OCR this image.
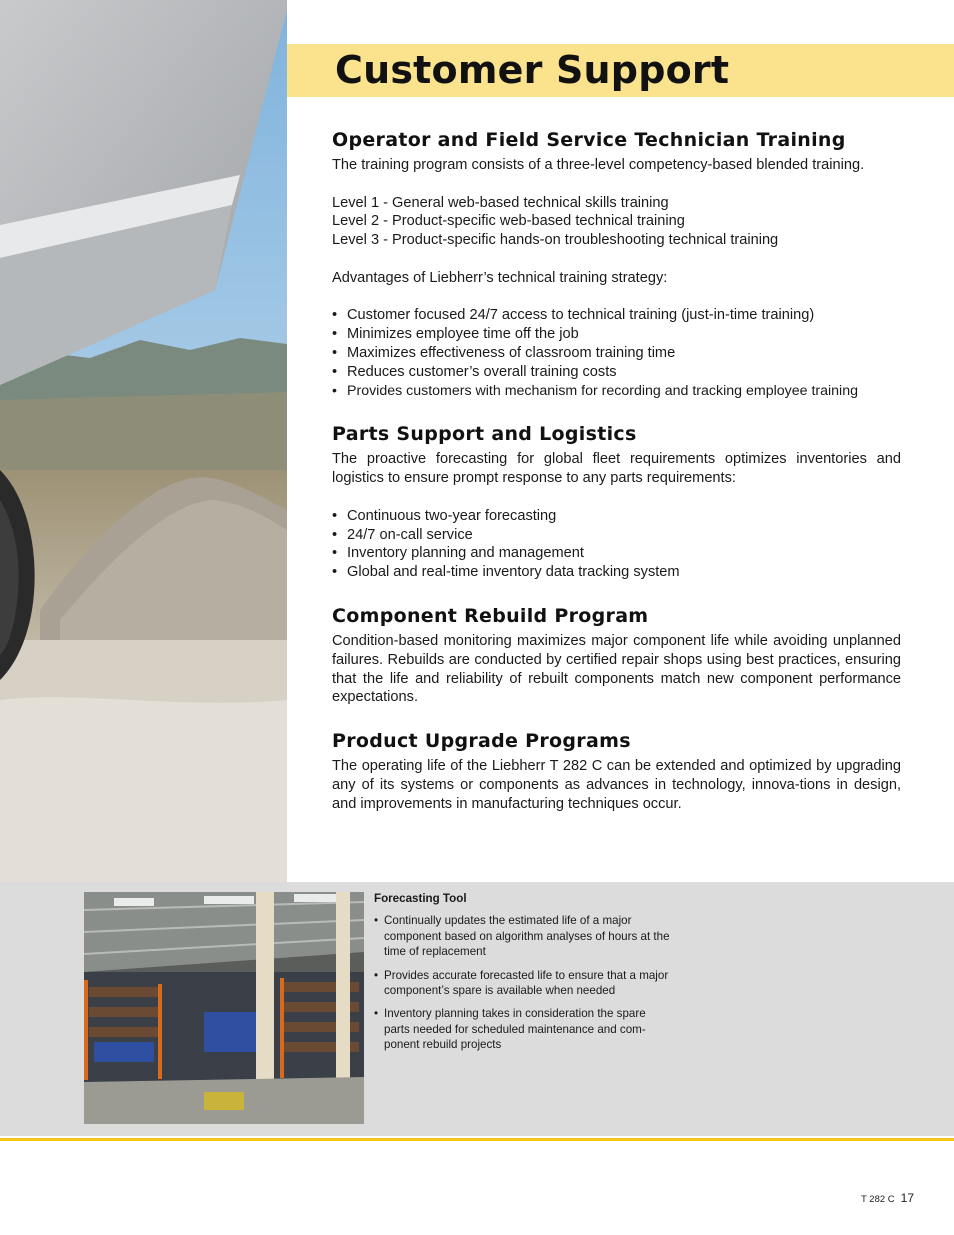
Customer Support
Operator and Field Service Technician Training

The training program consists of a three-level competency-based blended training.

Level 1 - General web-based technical skills training

Level 2 - Product-specific web-based technical training

Level 3 - Product-specific hands-on troubleshooting technical training

Advantages of Liebherr’s technical training strategy:

• Customer focused 24/7 access to technical training (just-in-time training)
• Minimizes employee time off the job
• Maximizes effectiveness of classroom training time
• Reduces customer’s overall training costs
• Provides customers with mechanism for recording and tracking employee training
Parts Support and Logistics

The proactive forecasting for global fleet requirements optimizes inventories and logistics to ensure prompt response to any parts requirements:

• Continuous two-year forecasting
• 24/7 on-call service
• Inventory planning and management
• Global and real-time inventory data tracking system
Component Rebuild Program

Condition-based monitoring maximizes major component life while avoiding unplanned failures. Rebuilds are conducted by certified repair shops using best practices, ensuring that the life and reliability of rebuilt components match new component performance expectations.

Product Upgrade Programs

The operating life of the Liebherr T 282 C can be extended and optimized by upgrading any of its systems or components as advances in technology, innova-tions in design, and improvements in manufacturing techniques occur.

Forecasting Tool
• Continually updates the estimated life of a major component based on algorithm analyses of hours at the time of replacement
• Provides accurate forecasted life to ensure that a major component’s spare is available when needed
• Inventory planning takes in consideration the spare parts needed for scheduled maintenance and com-ponent rebuild projects
T 282 C 17
